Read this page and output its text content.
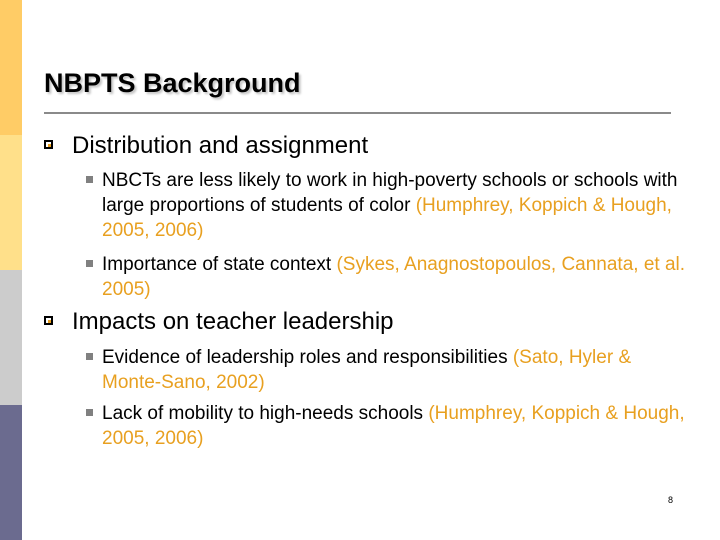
NBPTS Background
Distribution and assignment
NBCTs are less likely to work in high-poverty schools or schools with large proportions of students of color (Humphrey, Koppich & Hough, 2005, 2006)
Importance of state context (Sykes, Anagnostopoulos, Cannata, et al. 2005)
Impacts on teacher leadership
Evidence of leadership roles and responsibilities (Sato, Hyler & Monte-Sano, 2002)
Lack of mobility to high-needs schools (Humphrey, Koppich & Hough, 2005, 2006)
8
